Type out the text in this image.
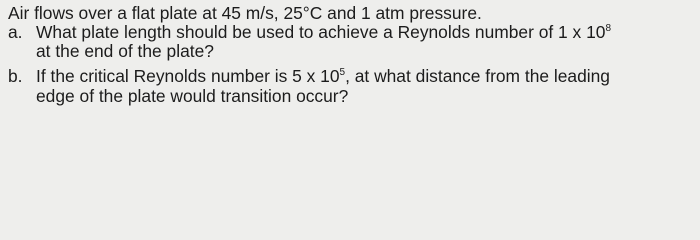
Air flows over a flat plate at 45 m/s, 25°C and 1 atm pressure.
a. What plate length should be used to achieve a Reynolds number of 1 x $10^8$
at the end of the plate?
b. If the critical Reynolds number is 5 x $10^5$, at what distance from the leading
edge of the plate would transition occur?
